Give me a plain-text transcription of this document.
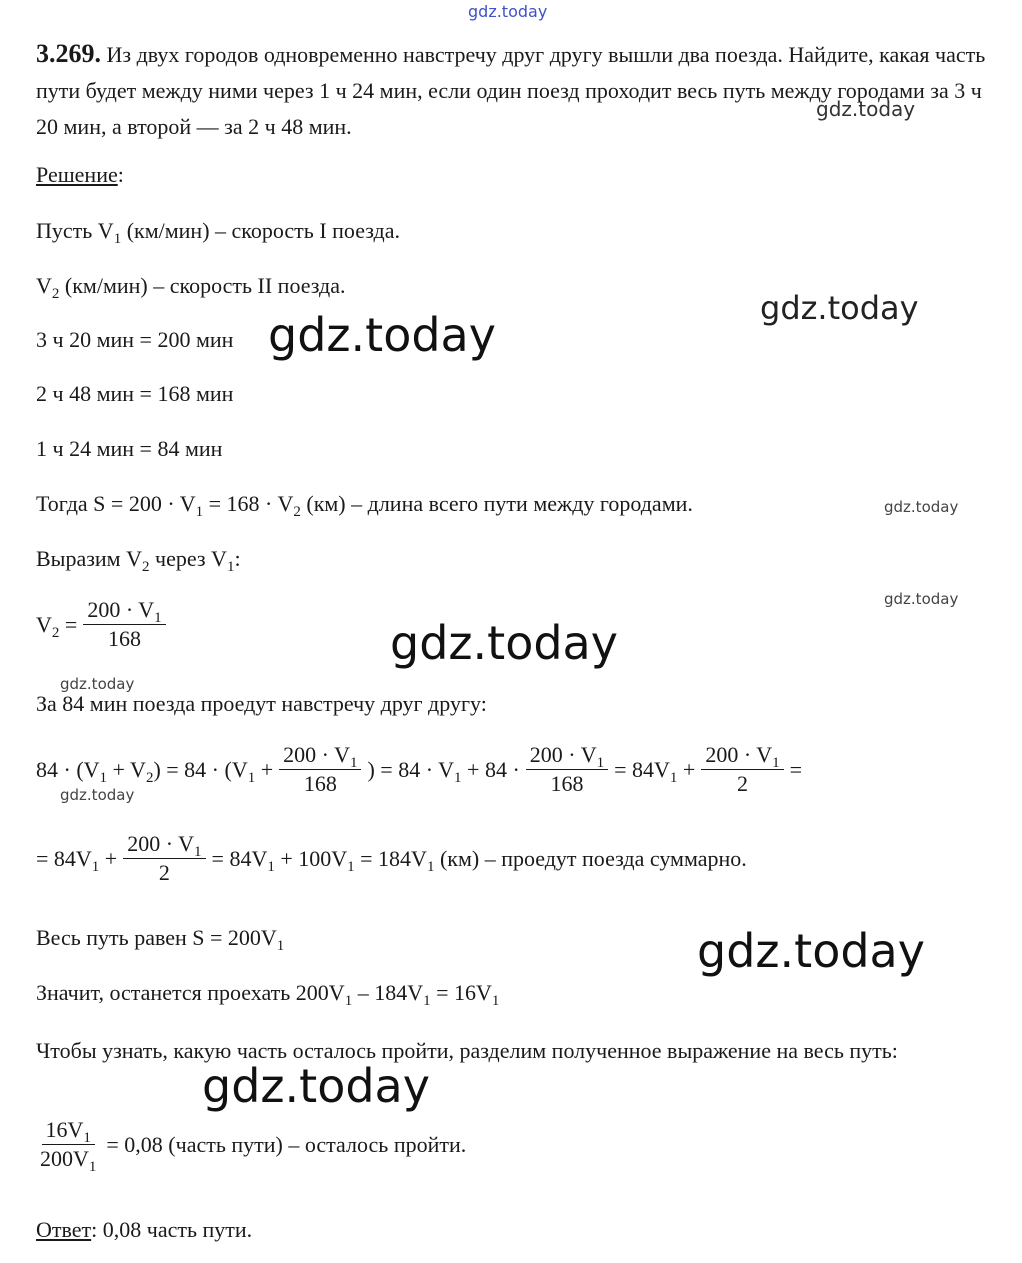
gdz.today
gdz.today
gdz.today
gdz.today
gdz.today
gdz.today
gdz.today
gdz.today
gdz.today
gdz.today
gdz.today
3.269. Из двух городов одновременно навстречу друг другу вышли два поезда. Найдите, какая часть пути будет между ними через 1 ч 24 мин, если один поезд проходит весь путь между городами за 3 ч 20 мин, а второй — за 2 ч 48 мин.
Решение:
Пусть $V_1$ (км/мин) – скорость I поезда.
$V_2$ (км/мин) – скорость II поезда.
3 ч 20 мин = 200 мин
2 ч 48 мин = 168 мин
1 ч 24 мин = 84 мин
Тогда $S = 200 \cdot V_1 = 168 \cdot V_2$ (км) – длина всего пути между городами.
Выразим $V_2$ через $V_1$:
$V_2 = \frac{200 \cdot V_1}{168}$
За 84 мин поезда проедут навстречу друг другу:
$84 \cdot (V_1 + V_2) = 84 \cdot (V_1 + \frac{200 \cdot V_1}{168}$ ) = $84 \cdot V_1 + 84 \cdot \frac{200 \cdot V_1}{168} = 84V_1 + \frac{200 \cdot V_1}{2}$ =
= $84V_1 + \frac{200 \cdot V_1}{2} = 84V_1 + 100V_1 = 184V_1$ (км) – проедут поезда суммарно.
Весь путь равен $S = 200V_1$
Значит, останется проехать $200V_1 - 184V_1 = 16V_1$
Чтобы узнать, какую часть осталось пройти, разделим полученное выражение на весь путь:
$\frac{16V_1}{200V_1} = 0,08$ (часть пути) – осталось пройти.
Ответ: 0,08 часть пути.
